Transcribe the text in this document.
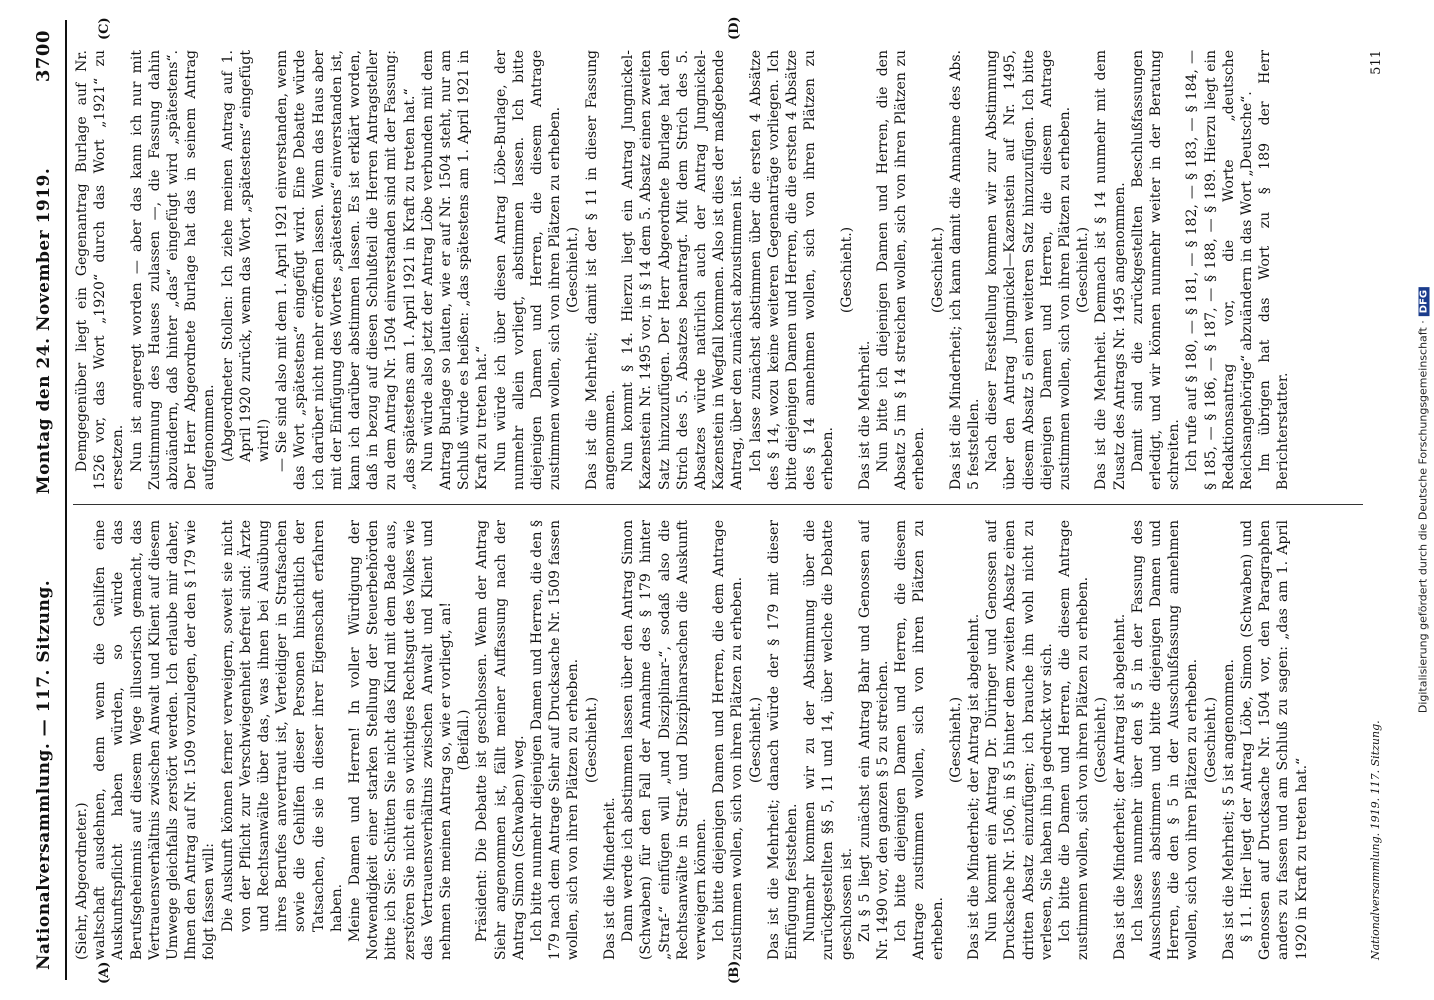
Nationalversammlung. — 117. Sitzung.
Montag den 24. November 1919.
3700
(A)	(B)
(C)	(D)

(Siehr, Abgeordneter.) waltschaft ausdehnen, denn wenn die Gehilfen eine Auskunftspflicht haben würden, so würde das Berufsgeheimnis auf diesem Wege illusorisch gemacht, das Vertrauensverhältnis zwischen Anwalt und Klient auf diesem Umwege gleichfalls zerstört werden. Ich erlaube mir daher, Ihnen den Antrag auf Nr. 1509 vorzulegen, der den § 179 wie folgt fassen will: Die Auskunft können ferner verweigern, soweit sie nicht von der Pflicht zur Verschwiegenheit befreit sind: Ärzte und Rechtsanwälte über das, was ihnen bei Ausübung ihres Berufes anvertraut ist, Verteidiger in Strafsachen sowie die Gehilfen dieser Personen hinsichtlich der Tatsachen, die sie in dieser ihrer Eigenschaft erfahren haben. Meine Damen und Herren! In voller Würdigung der Notwendigkeit einer starken Stellung der Steuerbehörden bitte ich Sie: Schütten Sie nicht das Kind mit dem Bade aus, zerstören Sie nicht ein so wichtiges Rechtsgut des Volkes wie das Vertrauensverhältnis zwischen Anwalt und Klient und nehmen Sie meinen Antrag so, wie er vorliegt, an! (Beifall.) Präsident: Die Debatte ist geschlossen. Wenn der Antrag Siehr angenommen ist, fällt meiner Auffassung nach der Antrag Simon (Schwaben) weg. Ich bitte nunmehr diejenigen Damen und Herren, die den § 179 nach dem Antrage Siehr auf Drucksache Nr. 1509 fassen wollen, sich von ihren Plätzen zu erheben. (Geschieht.)

Das ist die Minderheit. Dann werde ich abstimmen lassen über den Antrag Simon (Schwaben) für den Fall der Annahme des § 179 hinter „Straf-“ einfügen will „und Disziplinar-“, sodaß also die Rechtsanwälte in Straf- und Disziplinarsachen die Auskunft verweigern können. Ich bitte diejenigen Damen und Herren, die dem Antrage zustimmen wollen, sich von ihren Plätzen zu erheben. (Geschieht.) Das ist die Mehrheit; danach würde der § 179 mit dieser Einfügung feststehen. Nunmehr kommen wir zu der Abstimmung über die zurückgestellten §§ 5, 11 und 14, über welche die Debatte geschlossen ist. Zu § 5 liegt zunächst ein Antrag Bahr und Genossen auf Nr. 1490 vor, den ganzen § 5 zu streichen. Ich bitte diejenigen Damen und Herren, die diesem Antrage zustimmen wollen, sich von ihren Plätzen zu erheben.

(Geschieht.) Das ist die Minderheit; der Antrag ist abgelehnt. Nun kommt ein Antrag Dr. Düringer und Genossen auf Drucksache Nr. 1506, in § 5 hinter dem zweiten Absatz einen dritten Absatz einzufügen; ich brauche ihn wohl nicht zu verlesen, Sie haben ihn ja gedruckt vor sich. Ich bitte die Damen und Herren, die diesem Antrage zustimmen wollen, sich von ihren Plätzen zu erheben. (Geschieht.) Das ist die Minderheit; der Antrag ist abgelehnt. Ich lasse nunmehr über den § 5 in der Fassung des Ausschusses abstimmen und bitte diejenigen Damen und Herren, die den § 5 in der Ausschußfassung annehmen wollen, sich von ihren Plätzen zu erheben. (Geschieht.) Das ist die Mehrheit; § 5 ist angenommen. § 11. Hier liegt der Antrag Löbe, Simon (Schwaben) und Genossen auf Drucksache Nr. 1504 vor, den Paragraphen anders zu fassen und am Schluß zu sagen: „das am 1. April 1920 in Kraft zu treten hat.“

Demgegenüber liegt ein Gegenantrag Burlage auf Nr. 1526 vor, das Wort „1920“ durch das Wort „1921“ zu ersetzen. Nun ist angeregt worden — aber das kann ich nur mit Zustimmung des Hauses zulassen —, die Fassung dahin abzuändern, daß hinter „das“ eingefügt wird „spätestens“. Der Herr Abgeordnete Burlage hat das in seinem Antrag aufgenommen. (Abgeordneter Stollen: Ich ziehe meinen Antrag auf 1. April 1920 zurück, wenn das Wort „spätestens“ eingefügt wird!) — Sie sind also mit dem 1. April 1921 einverstanden, wenn das Wort „spätestens“ eingefügt wird. Eine Debatte würde ich darüber nicht mehr eröffnen lassen. Wenn das Haus aber mit der Einfügung des Wortes „spätestens“ einverstanden ist, kann ich darüber abstimmen lassen. Es ist erklärt worden, daß in bezug auf diesen Schlußteil die Herren Antragsteller zu dem Antrag Nr. 1504 einverstanden sind mit der Fassung: „das spätestens am 1. April 1921 in Kraft zu treten hat.“ Nun würde also jetzt der Antrag Löbe verbunden mit dem Antrag Burlage so lauten, wie er auf Nr. 1504 steht, nur am Schluß würde es heißen: „das spätestens am 1. April 1921 in Kraft zu treten hat.“ Nun würde ich über diesen Antrag Löbe-Burlage, der nunmehr allein vorliegt, abstimmen lassen. Ich bitte diejenigen Damen und Herren, die diesem Antrage zustimmen wollen, sich von ihren Plätzen zu erheben. (Geschieht.) Das ist die Mehrheit; damit ist der § 11 in dieser Fassung angenommen. Nun kommt § 14. Hierzu liegt ein Antrag Jungnickel-Kazenstein Nr. 1495 vor, in § 14 dem 5. Absatz einen zweiten Satz hinzuzufügen. Der Herr Abgeordnete Burlage hat den Strich des 5. Absatzes beantragt. Mit dem Strich des 5. Absatzes würde natürlich auch der Antrag Jungnickel-Kazenstein in Wegfall kommen. Also ist dies der maßgebende Antrag, über den zunächst abzustimmen ist. Ich lasse zunächst abstimmen über die ersten 4 Absätze des § 14, wozu keine weiteren Gegenanträge vorliegen. Ich bitte diejenigen Damen und Herren, die die ersten 4 Absätze des § 14 annehmen wollen, sich von ihren Plätzen zu erheben.

(Geschieht.)

Das ist die Mehrheit. Nun bitte ich diejenigen Damen und Herren, die den Absatz 5 im § 14 streichen wollen, sich von ihren Plätzen zu erheben.

(Geschieht.) Das ist die Minderheit; ich kann damit die Annahme des Abs. 5 feststellen. Nach dieser Feststellung kommen wir zur Abstimmung über den Antrag Jungnickel—Kazenstein auf Nr. 1495, diesem Absatz 5 einen weiteren Satz hinzuzufügen. Ich bitte diejenigen Damen und Herren, die diesem Antrage zustimmen wollen, sich von ihren Plätzen zu erheben. (Geschieht.) Das ist die Mehrheit. Demnach ist § 14 nunmehr mit dem Zusatz des Antrags Nr. 1495 angenommen. Damit sind die zurückgestellten Beschlußfassungen erledigt, und wir können nunmehr weiter in der Beratung schreiten. Ich rufe auf § 180, — § 181, — § 182, — § 183, — § 184, — § 185, — § 186, — § 187, — § 188, — § 189. Hierzu liegt ein Redaktionsantrag vor, die Worte „deutsche Reichsangehörige“ abzuändern in das Wort „Deutsche“. Im übrigen hat das Wort zu § 189 der Herr Berichterstatter.

Nationalversammlung. 1919. 117. Sitzung.
511
Digitalisierung gefördert durch die Deutsche Forschungsgemeinschaft ·DFG
